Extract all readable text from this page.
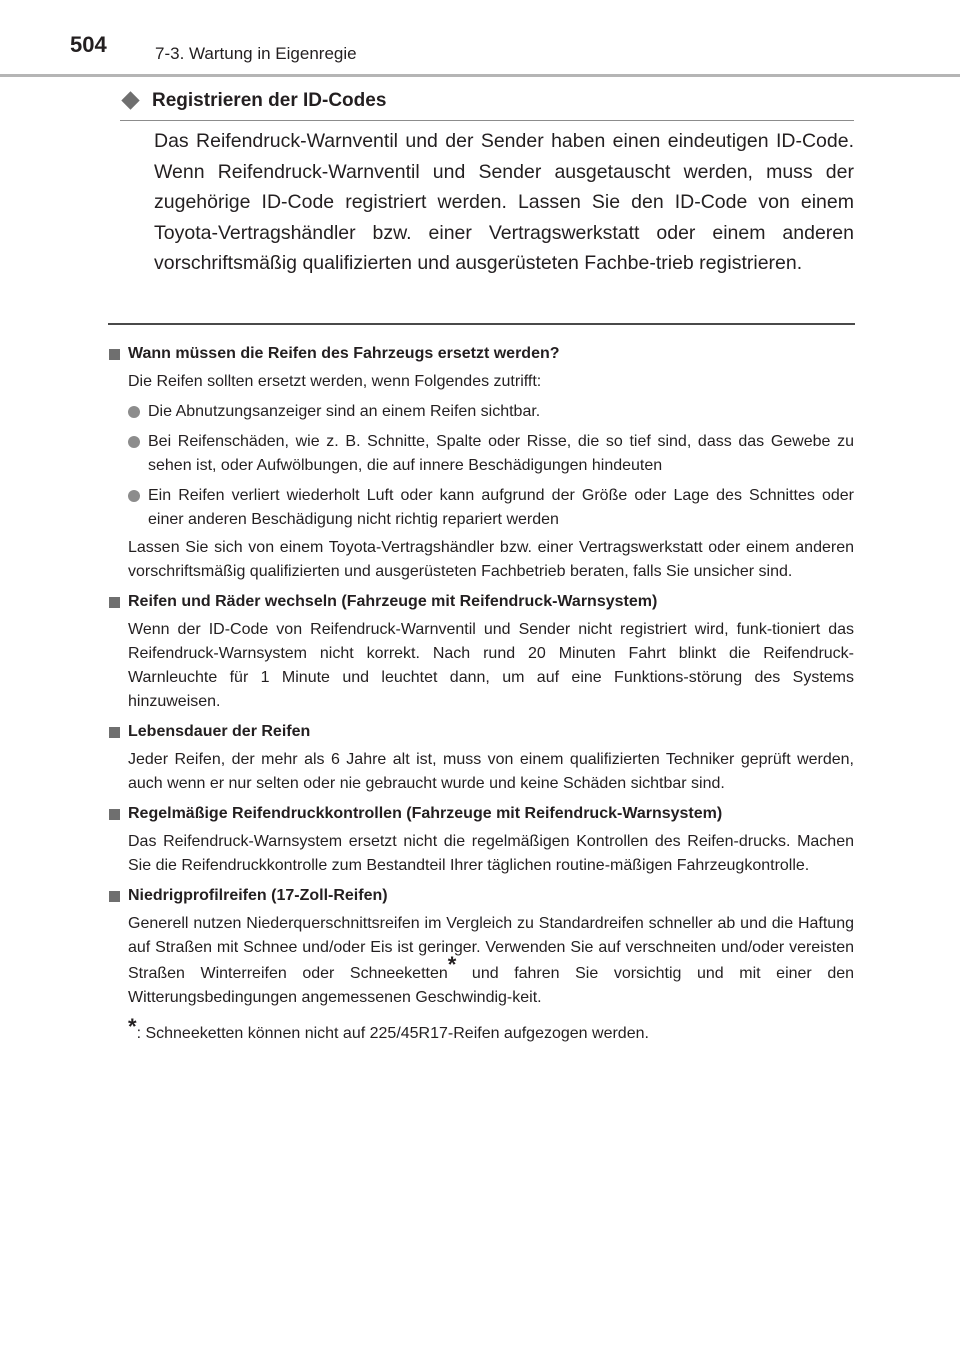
504	7-3. Wartung in Eigenregie
Registrieren der ID-Codes

Das Reifendruck-Warnventil und der Sender haben einen eindeutigen ID-Code. Wenn Reifendruck-Warnventil und Sender ausgetauscht werden, muss der zugehörige ID-Code registriert werden. Lassen Sie den ID-Code von einem Toyota-Vertragshändler bzw. einer Vertragswerkstatt oder einem anderen vorschriftsmäßig qualifizierten und ausgerüsteten Fachbe-trieb registrieren.

Wann müssen die Reifen des Fahrzeugs ersetzt werden?
Die Reifen sollten ersetzt werden, wenn Folgendes zutrifft:
Die Abnutzungsanzeiger sind an einem Reifen sichtbar.
Bei Reifenschäden, wie z. B. Schnitte, Spalte oder Risse, die so tief sind, dass das Gewebe zu sehen ist, oder Aufwölbungen, die auf innere Beschädigungen hindeuten
Ein Reifen verliert wiederholt Luft oder kann aufgrund der Größe oder Lage des Schnittes oder einer anderen Beschädigung nicht richtig repariert werden
Lassen Sie sich von einem Toyota-Vertragshändler bzw. einer Vertragswerkstatt oder einem anderen vorschriftsmäßig qualifizierten und ausgerüsteten Fachbetrieb beraten, falls Sie unsicher sind.
Reifen und Räder wechseln (Fahrzeuge mit Reifendruck-Warnsystem)
Wenn der ID-Code von Reifendruck-Warnventil und Sender nicht registriert wird, funk-tioniert das Reifendruck-Warnsystem nicht korrekt. Nach rund 20 Minuten Fahrt blinkt die Reifendruck-Warnleuchte für 1 Minute und leuchtet dann, um auf eine Funktions-störung des Systems hinzuweisen.
Lebensdauer der Reifen
Jeder Reifen, der mehr als 6 Jahre alt ist, muss von einem qualifizierten Techniker geprüft werden, auch wenn er nur selten oder nie gebraucht wurde und keine Schäden sichtbar sind.
Regelmäßige Reifendruckkontrollen (Fahrzeuge mit Reifendruck-Warnsystem)
Das Reifendruck-Warnsystem ersetzt nicht die regelmäßigen Kontrollen des Reifen-drucks. Machen Sie die Reifendruckkontrolle zum Bestandteil Ihrer täglichen routine-mäßigen Fahrzeugkontrolle.
Niedrigprofilreifen (17-Zoll-Reifen)
Generell nutzen Niederquerschnittsreifen im Vergleich zu Standardreifen schneller ab und die Haftung auf Straßen mit Schnee und/oder Eis ist geringer. Verwenden Sie auf verschneiten und/oder vereisten Straßen Winterreifen oder Schneeketten* und fahren Sie vorsichtig und mit einer den Witterungsbedingungen angemessenen Geschwindig-keit.
*: Schneeketten können nicht auf 225/45R17-Reifen aufgezogen werden.
